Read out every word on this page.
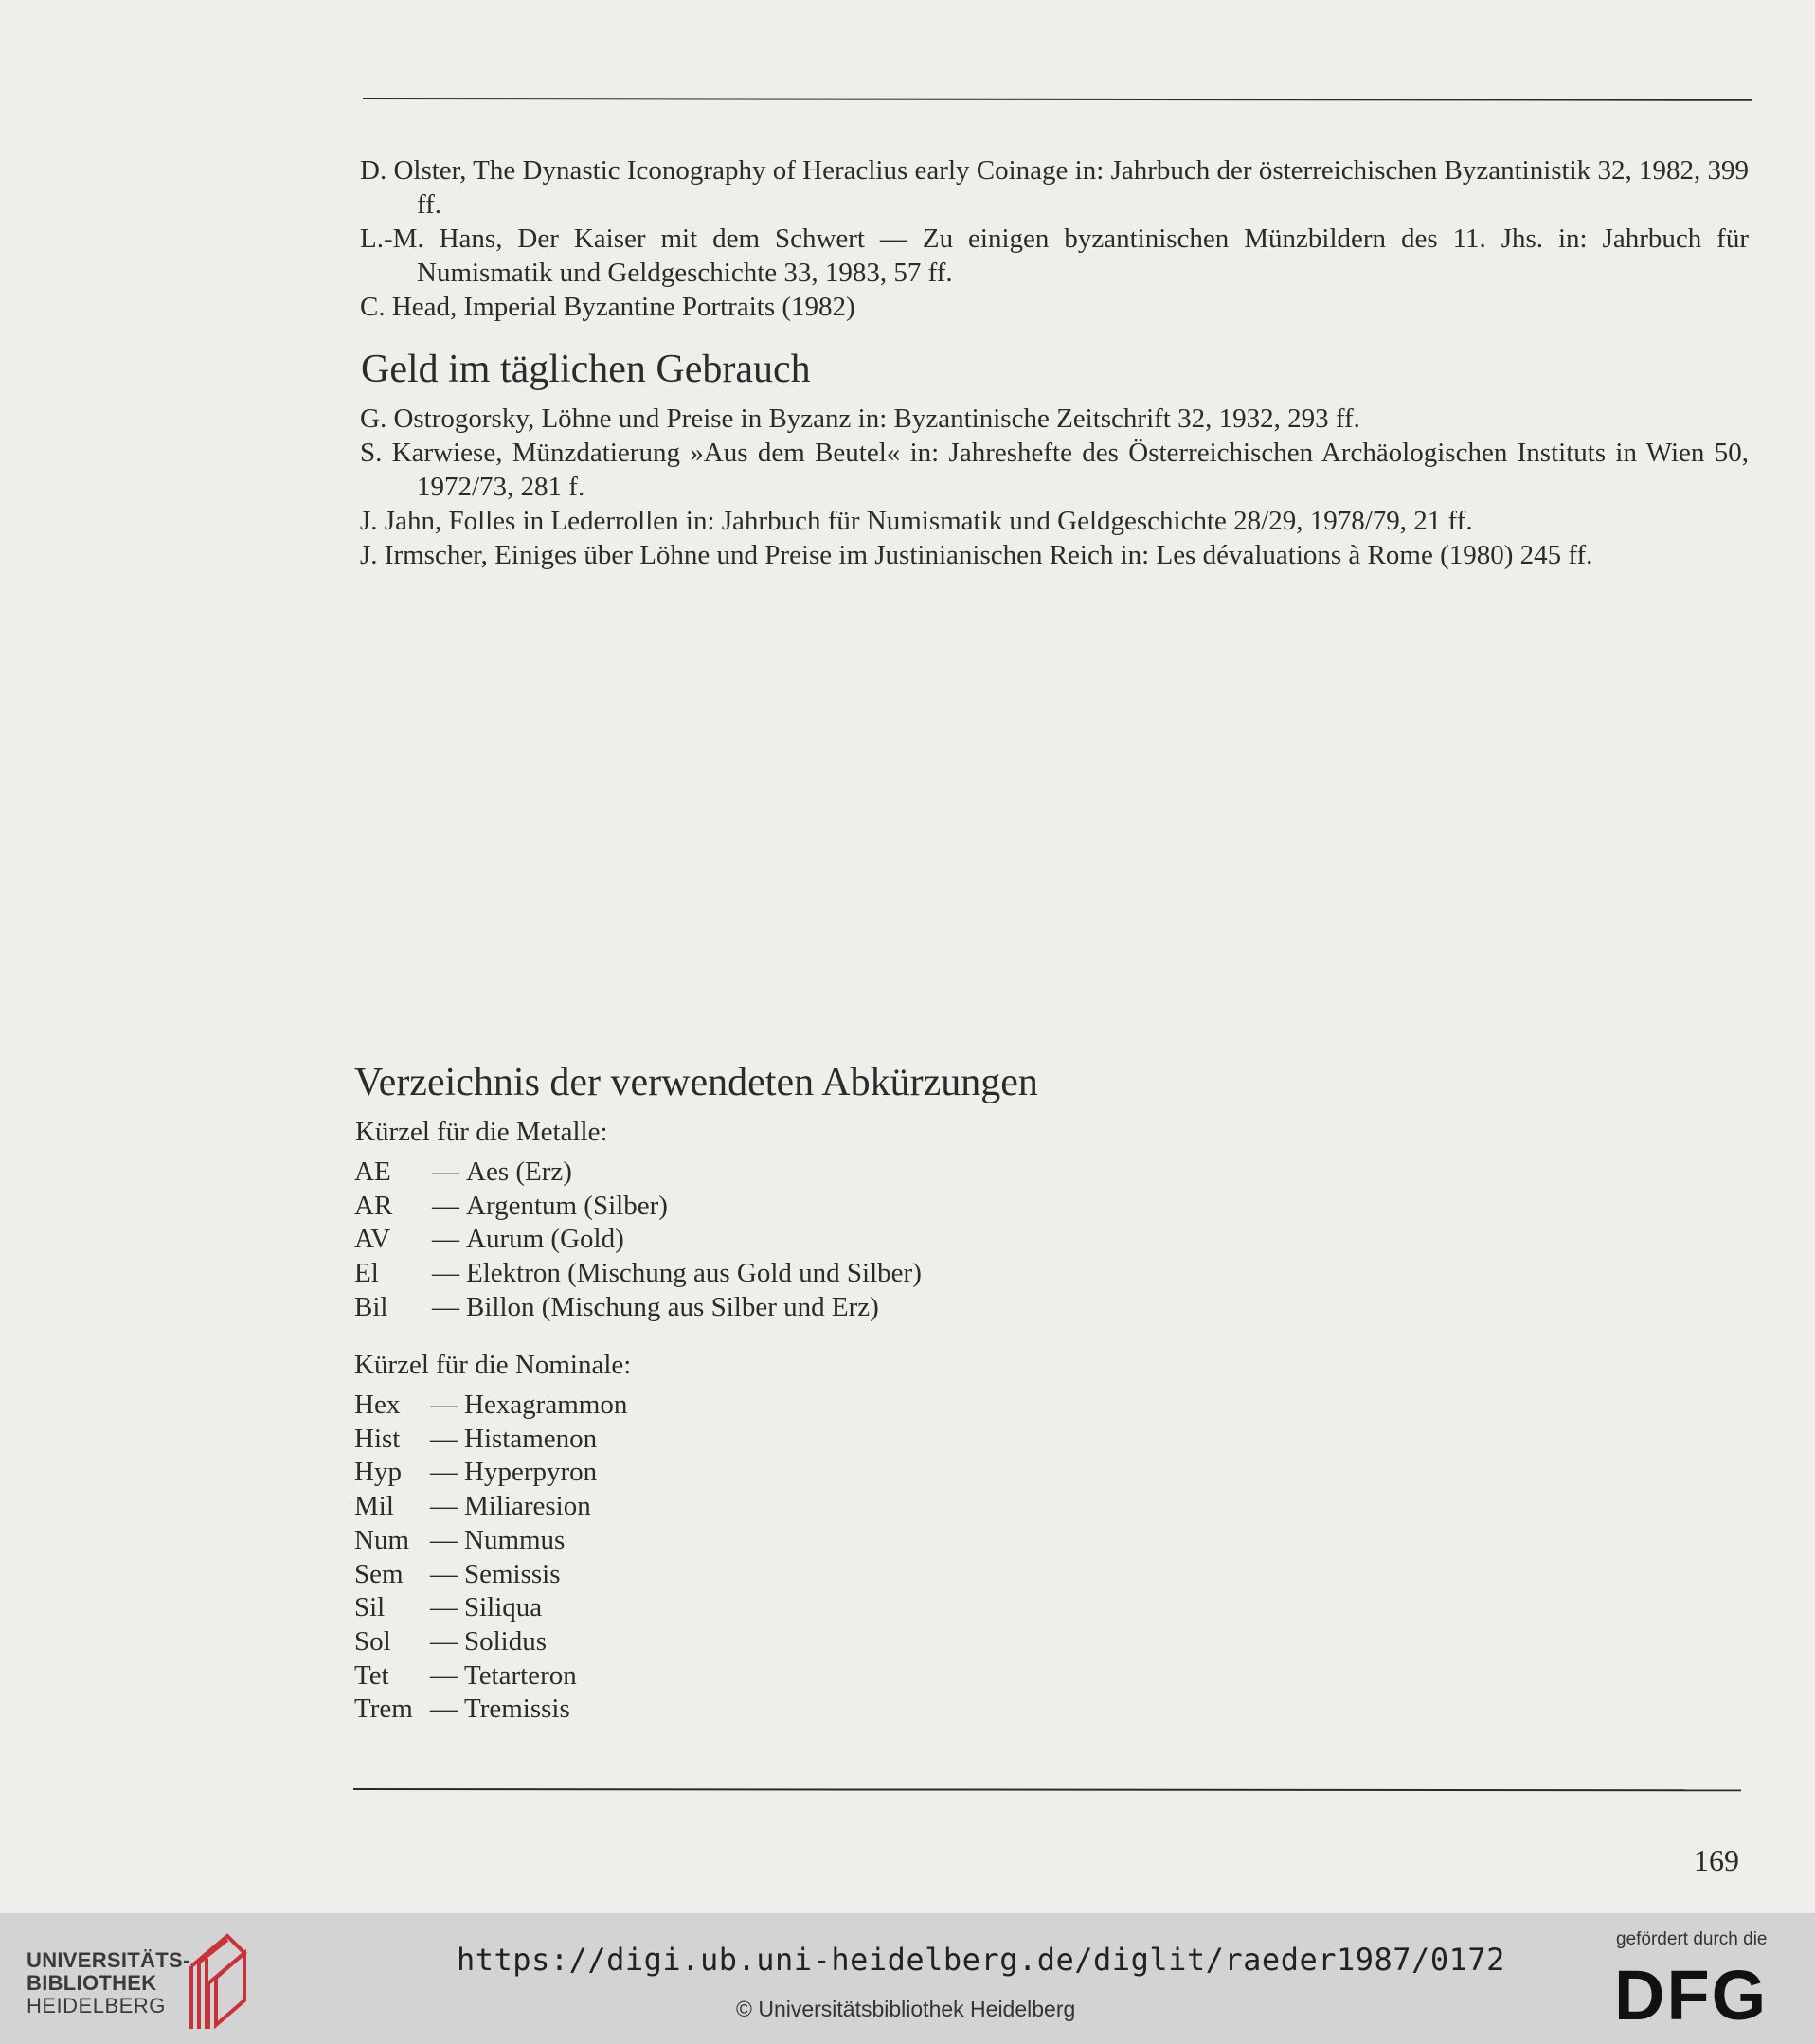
D. Olster, The Dynastic Iconography of Heraclius early Coinage in: Jahrbuch der österreichischen Byzantinistik 32, 1982, 399 ff.

L.-M. Hans, Der Kaiser mit dem Schwert — Zu einigen byzantinischen Münzbildern des 11. Jhs. in: Jahrbuch für Numismatik und Geldgeschichte 33, 1983, 57 ff.

C. Head, Imperial Byzantine Portraits (1982)

Geld im täglichen Gebrauch

G. Ostrogorsky, Löhne und Preise in Byzanz in: Byzantinische Zeitschrift 32, 1932, 293 ff.

S. Karwiese, Münzdatierung »Aus dem Beutel« in: Jahreshefte des Österreichischen Archäologischen Instituts in Wien 50, 1972/73, 281 f.

J. Jahn, Folles in Lederrollen in: Jahrbuch für Numismatik und Geldgeschichte 28/29, 1978/79, 21 ff.

J. Irmscher, Einiges über Löhne und Preise im Justinianischen Reich in: Les dévaluations à Rome (1980) 245 ff.

Verzeichnis der verwendeten Abkürzungen

Kürzel für die Metalle:

AE	— Aes (Erz)
AR	— Argentum (Silber)
AV	— Aurum (Gold)
El	— Elektron (Mischung aus Gold und Silber)
Bil	— Billon (Mischung aus Silber und Erz)

Kürzel für die Nominale:

Hex	— Hexagrammon
Hist	— Histamenon
Hyp	— Hyperpyron
Mil	— Miliaresion
Num — Nummus
Sem — Semissis
Sil	— Siliqua
Sol	— Solidus
Tet	— Tetarteron
Trem — Tremissis
169
UNIVERSITÄTS-
BIBLIOTHEK
HEIDELBERG
https://digi.ub.uni-heidelberg.de/diglit/raeder1987/0172
© Universitätsbibliothek Heidelberg
gefördert durch die
DFG
